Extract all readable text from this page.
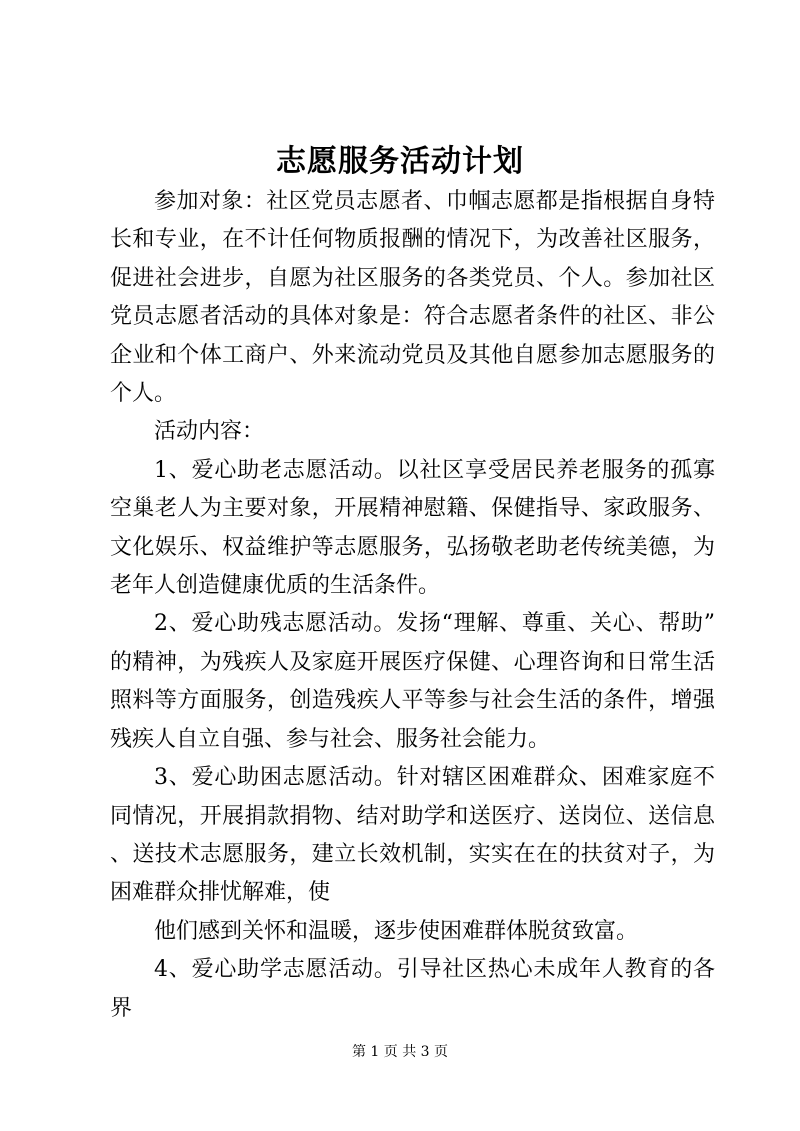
志愿服务活动计划

参加对象：社区党员志愿者、巾帼志愿都是指根据自身特长和专业，在不计任何物质报酬的情况下，为改善社区服务，促进社会进步，自愿为社区服务的各类党员、个人。参加社区党员志愿者活动的具体对象是：符合志愿者条件的社区、非公企业和个体工商户、外来流动党员及其他自愿参加志愿服务的个人。

活动内容：

1、爱心助老志愿活动。以社区享受居民养老服务的孤寡空巢老人为主要对象，开展精神慰籍、保健指导、家政服务、文化娱乐、权益维护等志愿服务，弘扬敬老助老传统美德，为老年人创造健康优质的生活条件。

2、爱心助残志愿活动。发扬“理解、尊重、关心、帮助”的精神，为残疾人及家庭开展医疗保健、心理咨询和日常生活照料等方面服务，创造残疾人平等参与社会生活的条件，增强残疾人自立自强、参与社会、服务社会能力。

3、爱心助困志愿活动。针对辖区困难群众、困难家庭不同情况，开展捐款捐物、结对助学和送医疗、送岗位、送信息、送技术志愿服务，建立长效机制，实实在在的扶贫对子，为困难群众排忧解难，使

他们感到关怀和温暖，逐步使困难群体脱贫致富。

4、爱心助学志愿活动。引导社区热心未成年人教育的各界

第 1 页 共 3 页
